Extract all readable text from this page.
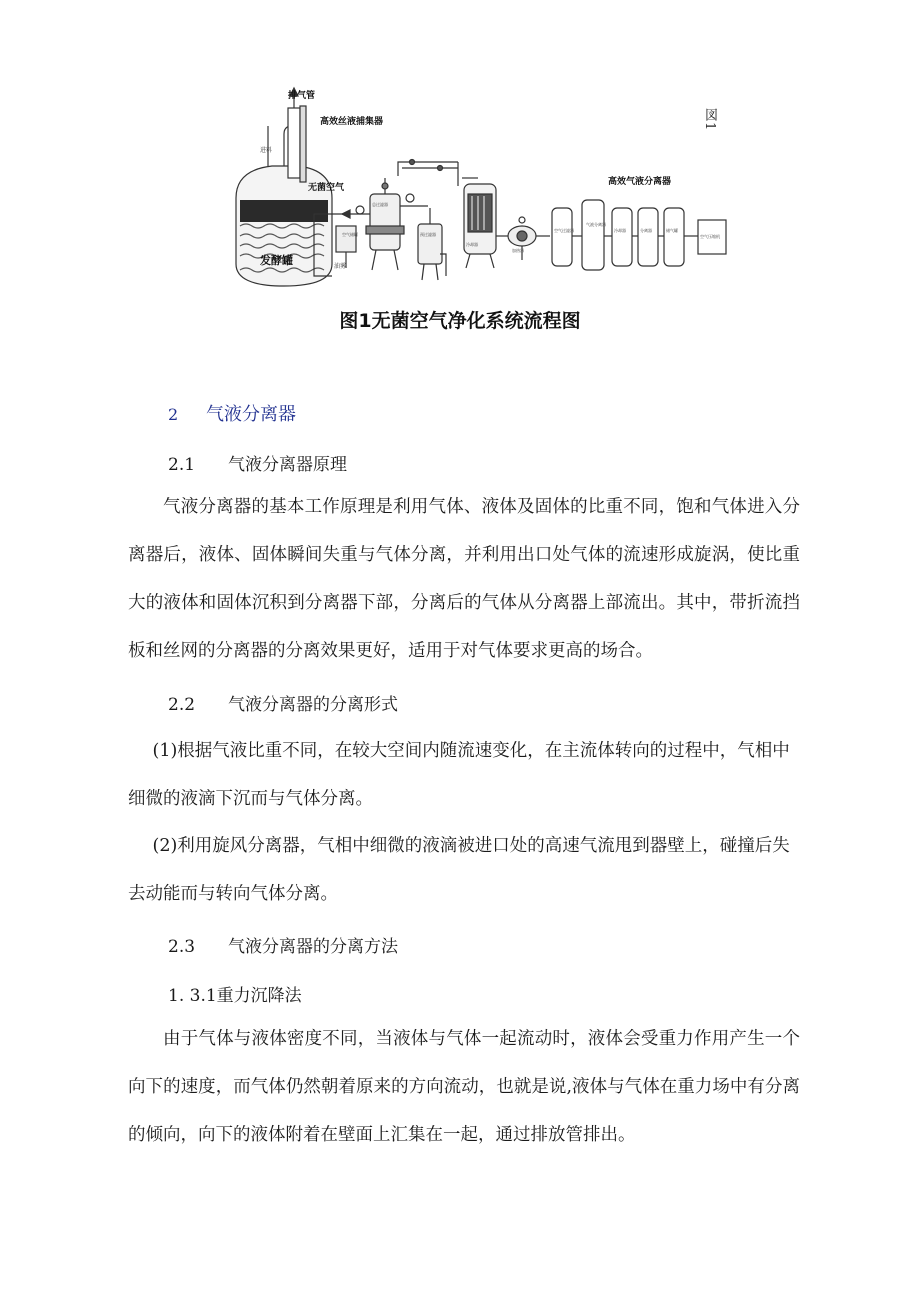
排气管
高效丝液捕集器
进料
发酵罐
无菌空气
油雾
空气过滤器
气液分离器
冷却器	分离器	储气罐
空气压缩机
总过滤器
预过滤器
冷却器
加热器
空气储罐
高效气液分离器
図1
图1无菌空气净化系统流程图
2 气液分离器
2.1 气液分离器原理

气液分离器的基本工作原理是利用气体、液体及固体的比重不同，饱和气体进入分离器后，液体、固体瞬间失重与气体分离，并利用出口处气体的流速形成旋涡，使比重大的液体和固体沉积到分离器下部，分离后的气体从分离器上部流出。其中，带折流挡板和丝网的分离器的分离效果更好，适用于对气体要求更高的场合。

2.2 气液分离器的分离形式

(1)根据气液比重不同，在较大空间内随流速变化，在主流体转向的过程中，气相中细微的液滴下沉而与气体分离。

(2)利用旋风分离器，气相中细微的液滴被进口处的高速气流甩到器壁上，碰撞后失去动能而与转向气体分离。

2.3 气液分离器的分离方法
1. 3.1重力沉降法

由于气体与液体密度不同，当液体与气体一起流动时，液体会受重力作用产生一个向下的速度，而气体仍然朝着原来的方向流动，也就是说,液体与气体在重力场中有分离的倾向，向下的液体附着在壁面上汇集在一起，通过排放管排出。
